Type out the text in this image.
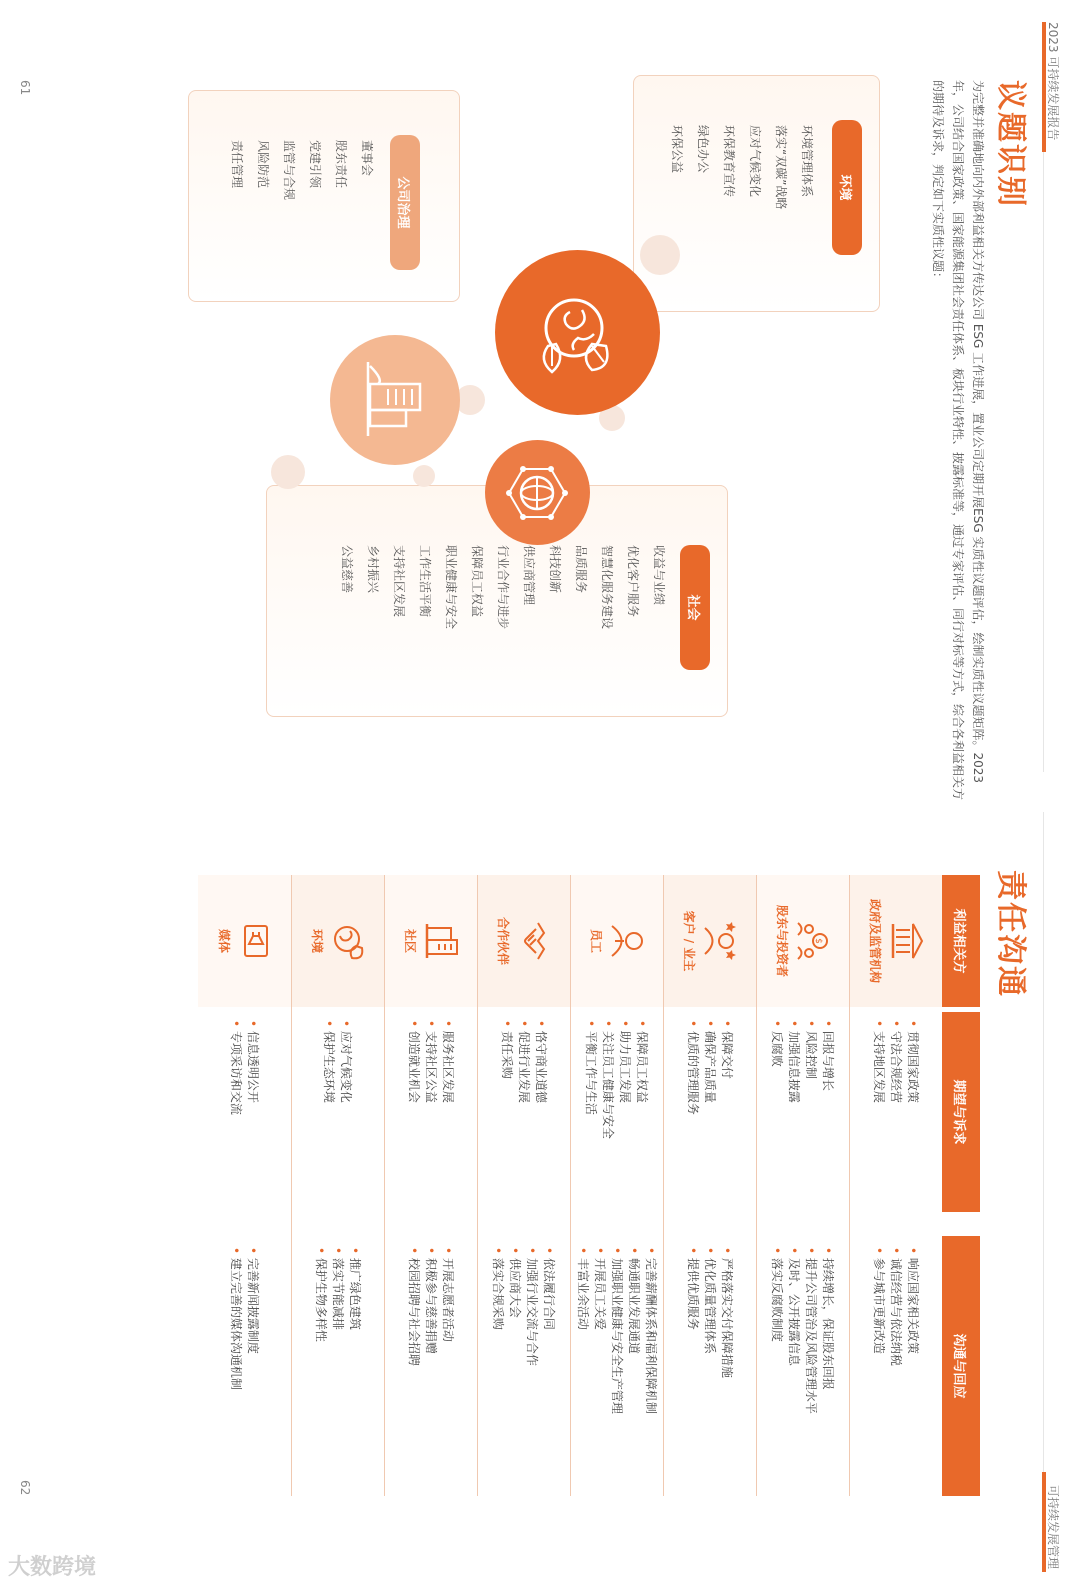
2023 可持续发展报告
可持续发展管理
议题识别
为完整并准确地向内外部利益相关方传达公司 ESG 工作进展，置业公司定期开展ESG 实质性议题评估，绘制实质性议题矩阵。2023年，公司结合国家政策、国家能源集团社会责任体系、板块行业特性、披露标准等，通过专家评估、同行对标等方式，综合各利益相关方的期待及诉求，判定如下实质性议题：
环境
环境管理体系
落实“双碳”战略
应对气候变化
环保教育宣传
绿色办公
环保公益
公司治理
董事会
股东责任
党建引领
监管与合规
风险防范
责任管理
社会
收益与业绩
优化客户服务
智慧化服务建设
品质服务
科技创新
供应商管理
行业合作与进步
保障员工权益
职业健康与安全
工作生活平衡
支持社区发展
乡村振兴
公益慈善
责任沟通
利益相关方
期望与诉求
沟通与回应
政府及监管机构
• 贯彻国家政策
• 守法合规经营
• 支持地区发展
• 响应国家相关政策
• 诚信经营与依法纳税
• 参与城市更新改造
$
股东与投资者
• 回报与增长
• 风险控制
• 加强信息披露
• 反腐败
• 持续增长，保证股东回报
• 提升公司管治及风险管理水平
• 及时、公开披露信息
• 落实反腐败制度
客户 / 业主
• 保障交付
• 确保产品质量
• 优质的管理服务
• 严格落实交付保障措施
• 优化质量管理体系
• 提供优质服务
员工
• 保障员工权益
• 助力员工发展
• 关注员工健康与安全
• 平衡工作与生活
• 完善薪酬体系和福利保障机制
• 畅通职业发展通道
• 加强职业健康与安全生产管理
• 开展员工关爱
• 丰富业余活动
合作伙伴
• 恪守商业道德
• 促进行业发展
• 责任采购
• 依法履行合同
• 加强行业交流与合作
• 供应商大会
• 落实合规采购
社区
• 服务社区发展
• 支持社区公益
• 创造就业机会
• 开展志愿者活动
• 积极参与慈善捐赠
• 校园招聘与社会招聘
环境
• 应对气候变化
• 保护生态环境
• 推广绿色建筑
• 落实节能减排
• 保护生物多样性
媒体
• 信息透明公开
• 专项采访和交流
• 完善新闻披露制度
• 建立完善的媒体沟通机制
61
62
大数跨境
